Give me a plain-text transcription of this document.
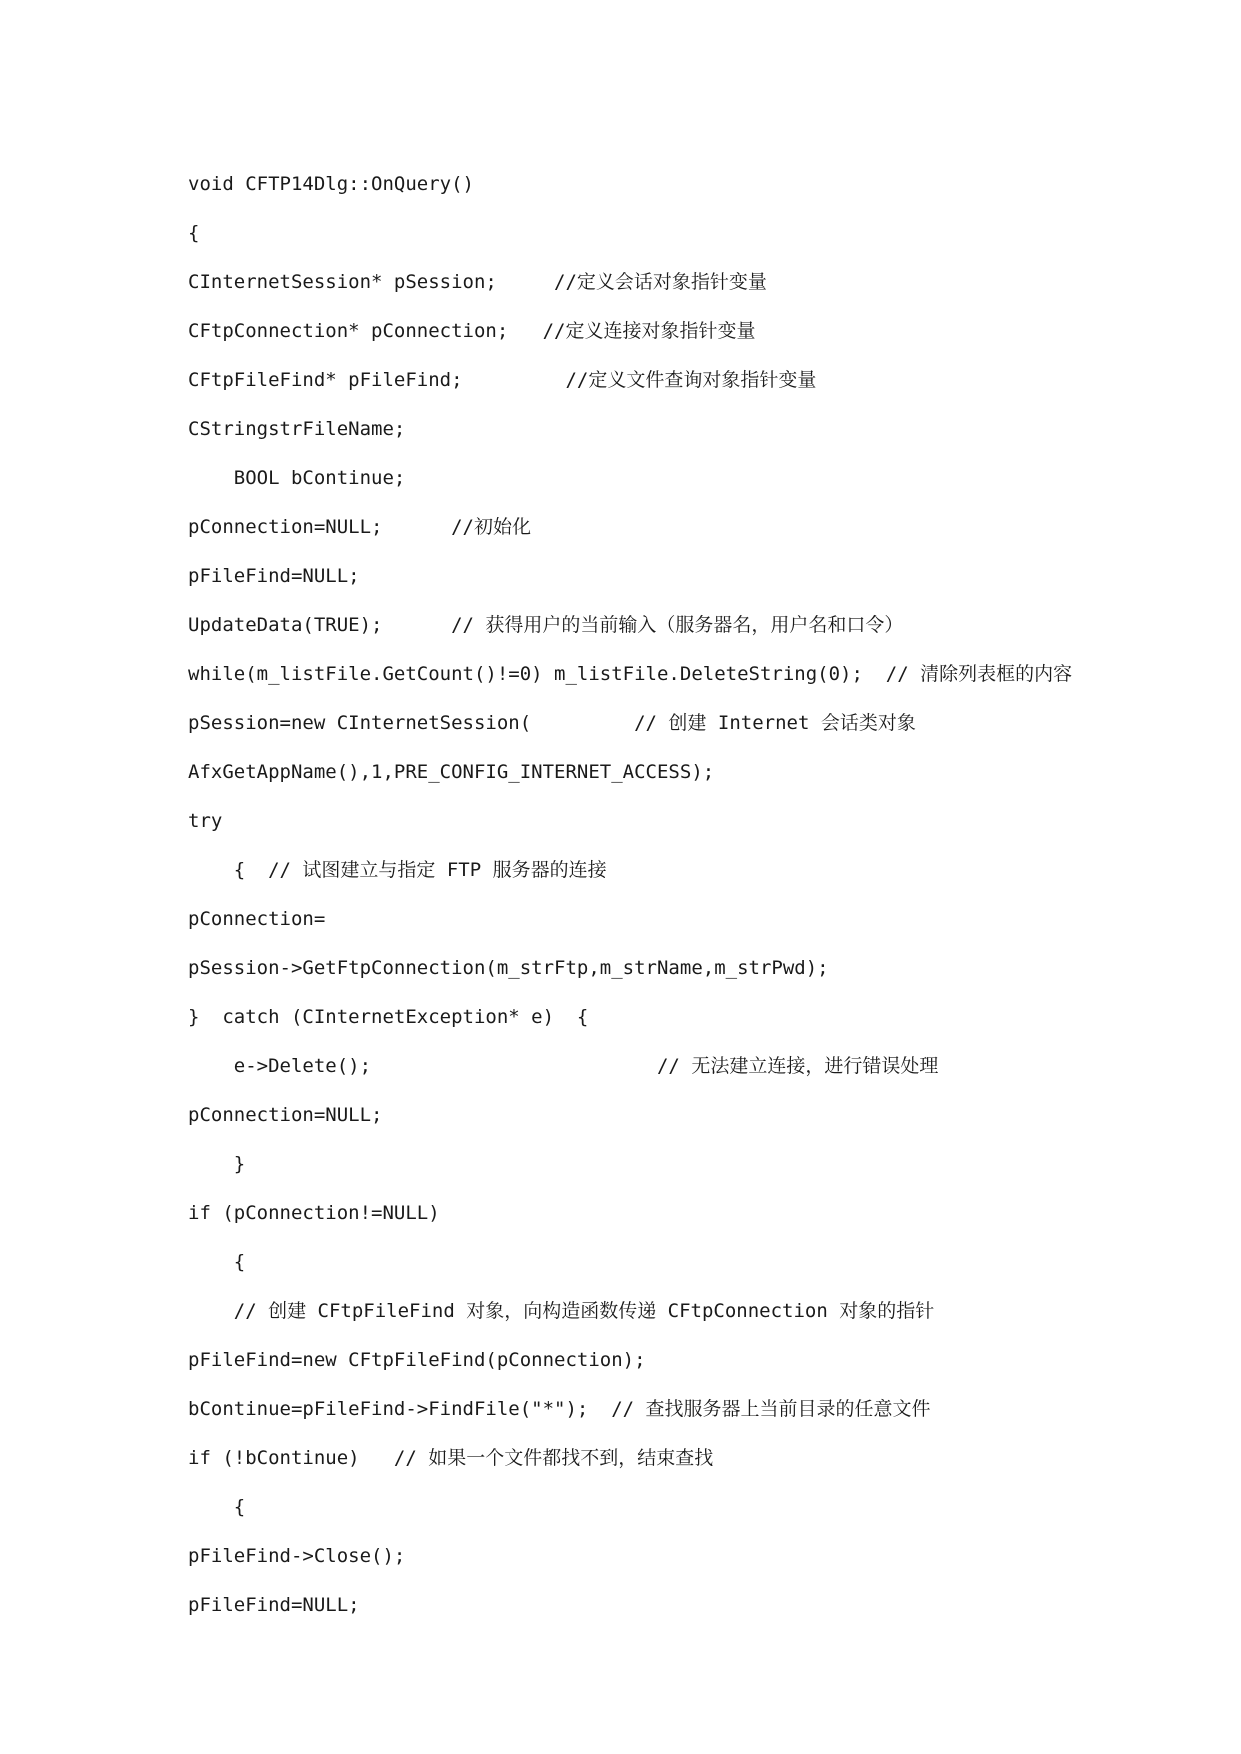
void CFTP14Dlg::OnQuery()
{
CInternetSession* pSession;     //定义会话对象指针变量
CFtpConnection* pConnection;   //定义连接对象指针变量
CFtpFileFind* pFileFind;         //定义文件查询对象指针变量
CStringstrFileName;
BOOL bContinue;
pConnection=NULL;      //初始化
pFileFind=NULL;
UpdateData(TRUE);      // 获得用户的当前输入（服务器名，用户名和口令）
while(m_listFile.GetCount()!=0) m_listFile.DeleteString(0);  // 清除列表框的内容
pSession=new CInternetSession(         // 创建 Internet 会话类对象
AfxGetAppName(),1,PRE_CONFIG_INTERNET_ACCESS);
try
{  // 试图建立与指定 FTP 服务器的连接
pConnection=
pSession->GetFtpConnection(m_strFtp,m_strName,m_strPwd);
}  catch (CInternetException* e)  {
e->Delete();                         // 无法建立连接，进行错误处理
pConnection=NULL;
}
if (pConnection!=NULL)
{
// 创建 CFtpFileFind 对象，向构造函数传递 CFtpConnection 对象的指针
pFileFind=new CFtpFileFind(pConnection);
bContinue=pFileFind->FindFile("*");  // 查找服务器上当前目录的任意文件
if (!bContinue)   // 如果一个文件都找不到，结束查找
{
pFileFind->Close();
pFileFind=NULL;
